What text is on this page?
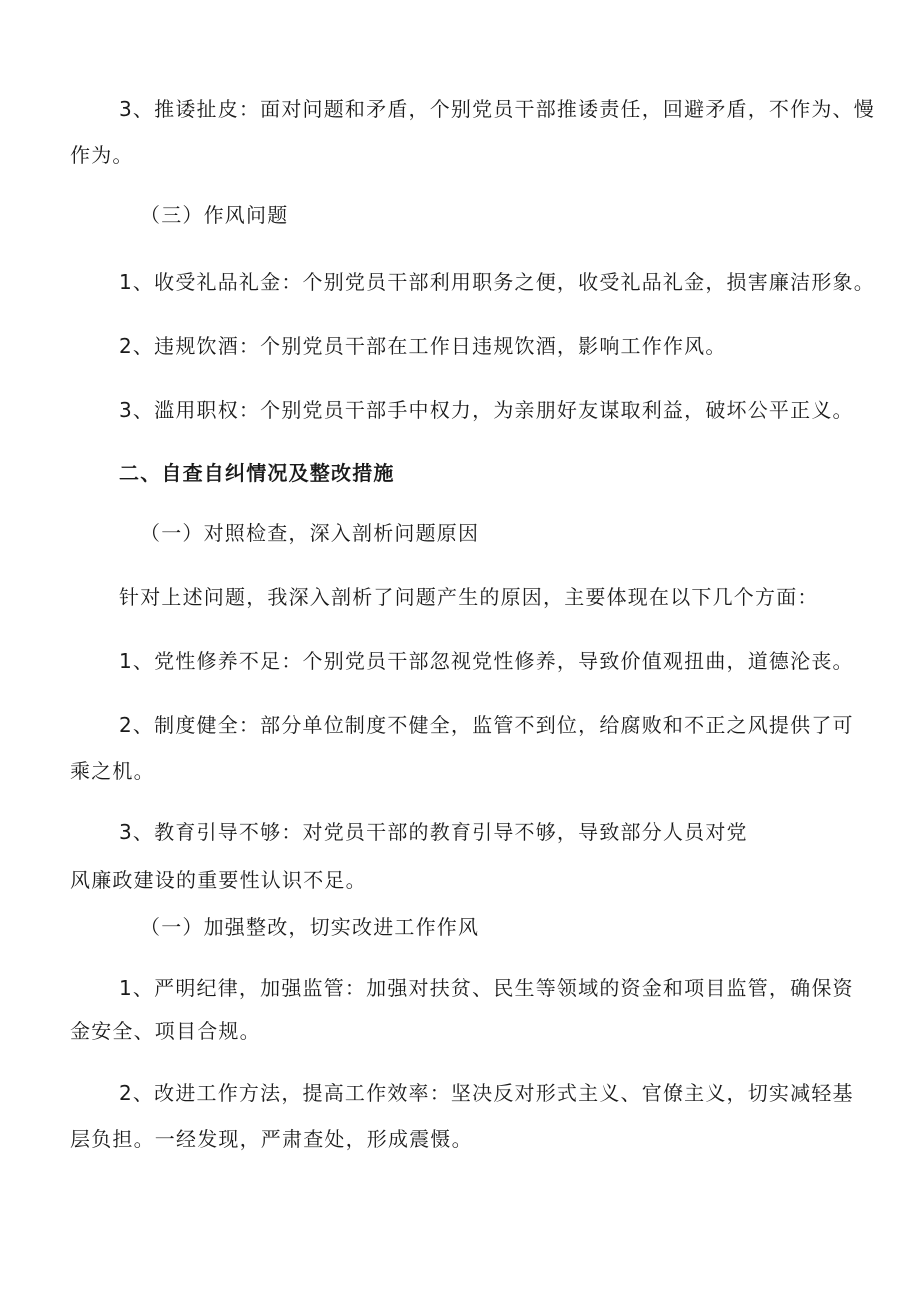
3、推诿扯皮：面对问题和矛盾，个别党员干部推诿责任，回避矛盾，不作为、慢
作为。
（三）作风问题
1、收受礼品礼金：个别党员干部利用职务之便，收受礼品礼金，损害廉洁形象。
2、违规饮酒：个别党员干部在工作日违规饮酒，影响工作作风。
3、滥用职权：个别党员干部手中权力，为亲朋好友谋取利益，破坏公平正义。
二、自查自纠情况及整改措施
（一）对照检查，深入剖析问题原因
针对上述问题，我深入剖析了问题产生的原因，主要体现在以下几个方面：
1、党性修养不足：个别党员干部忽视党性修养，导致价值观扭曲，道德沦丧。
2、制度健全：部分单位制度不健全，监管不到位，给腐败和不正之风提供了可
乘之机。
3、教育引导不够：对党员干部的教育引导不够，导致部分人员对党
风廉政建设的重要性认识不足。
（一）加强整改，切实改进工作作风
1、严明纪律，加强监管：加强对扶贫、民生等领域的资金和项目监管，确保资
金安全、项目合规。
2、改进工作方法，提高工作效率：坚决反对形式主义、官僚主义，切实减轻基
层负担。一经发现，严肃查处，形成震慑。
